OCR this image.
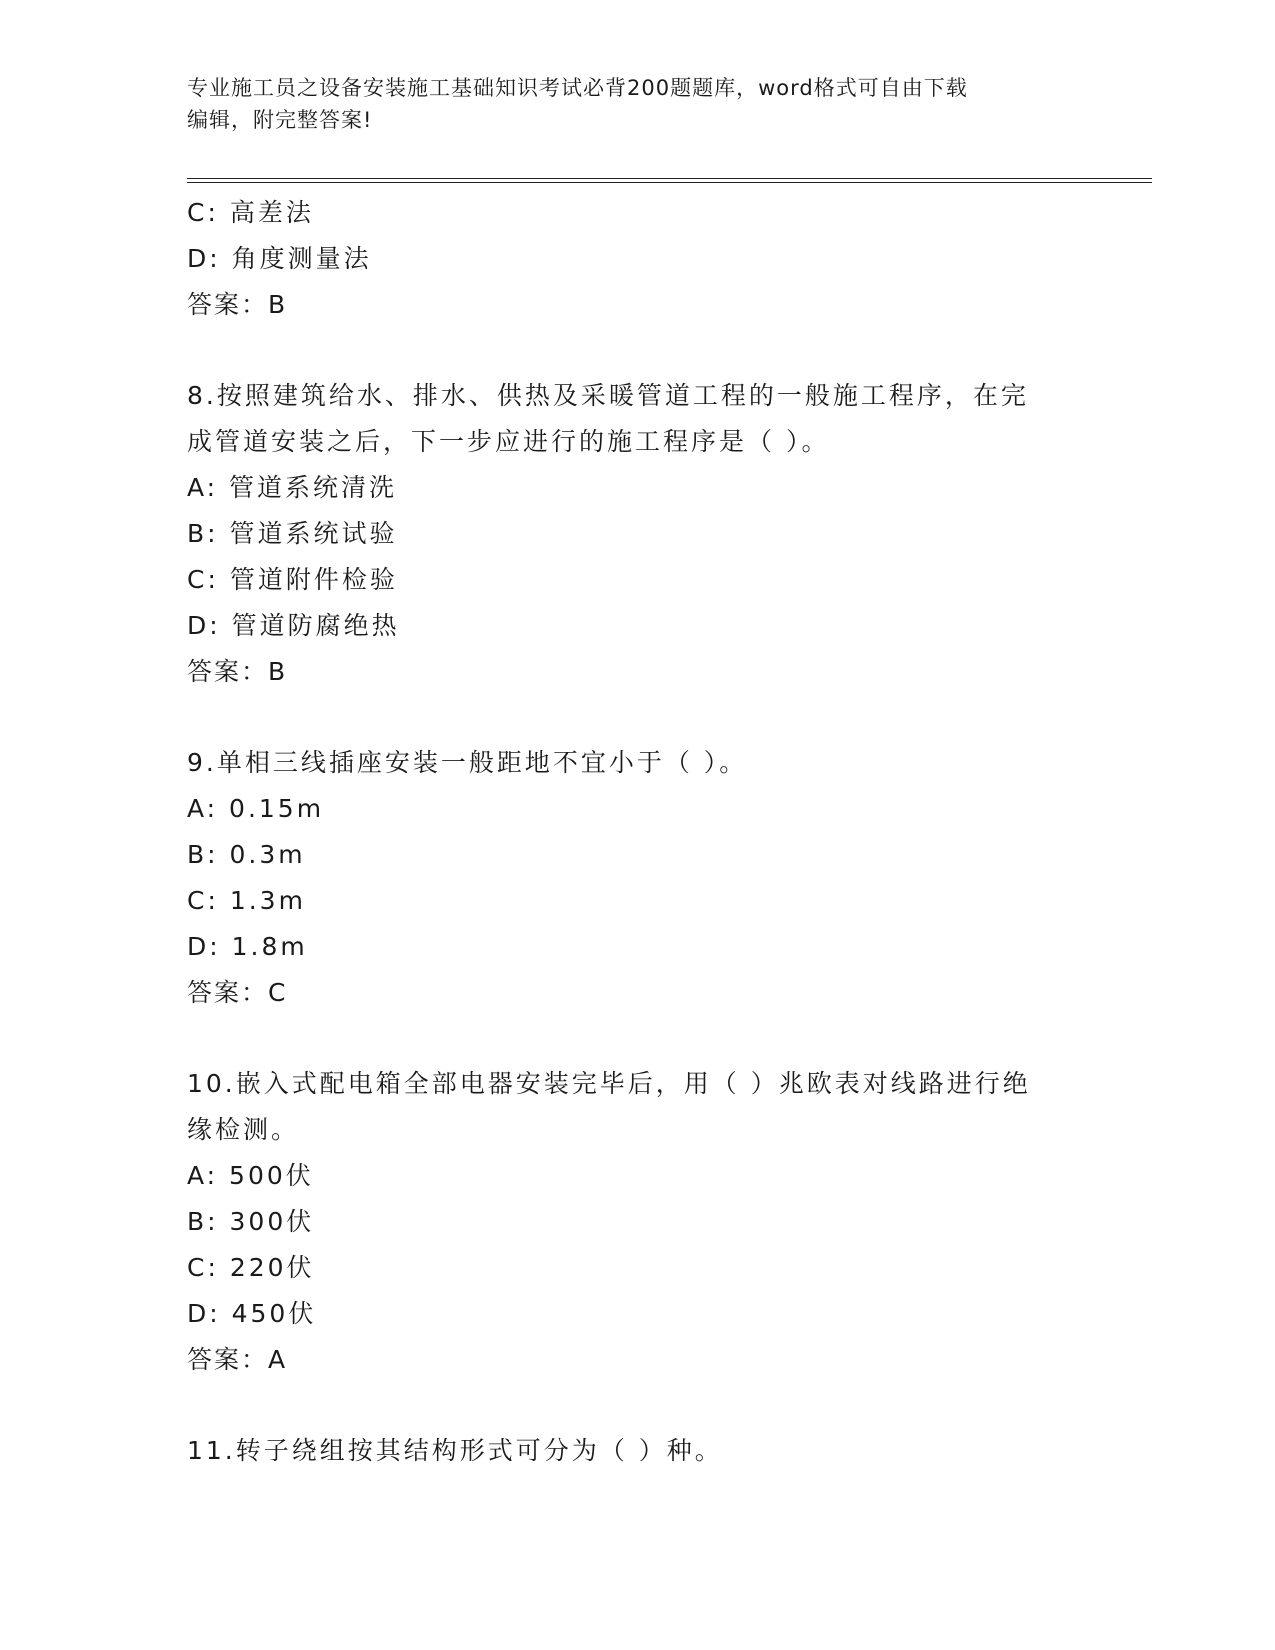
专业施工员之设备安装施工基础知识考试必背200题题库，word格式可自由下载
编辑，附完整答案!
C: 高差法
D: 角度测量法
答案：B
8.按照建筑给水、排水、供热及采暖管道工程的一般施工程序，在完
成管道安装之后，下一步应进行的施工程序是（ ）。
A: 管道系统清洗
B: 管道系统试验
C: 管道附件检验
D: 管道防腐绝热
答案：B
9.单相三线插座安装一般距地不宜小于（ ）。
A: 0.15m
B: 0.3m
C: 1.3m
D: 1.8m
答案：C
10.嵌入式配电箱全部电器安装完毕后，用（ ）兆欧表对线路进行绝
缘检测。
A: 500伏
B: 300伏
C: 220伏
D: 450伏
答案：A
11.转子绕组按其结构形式可分为（ ）种。
